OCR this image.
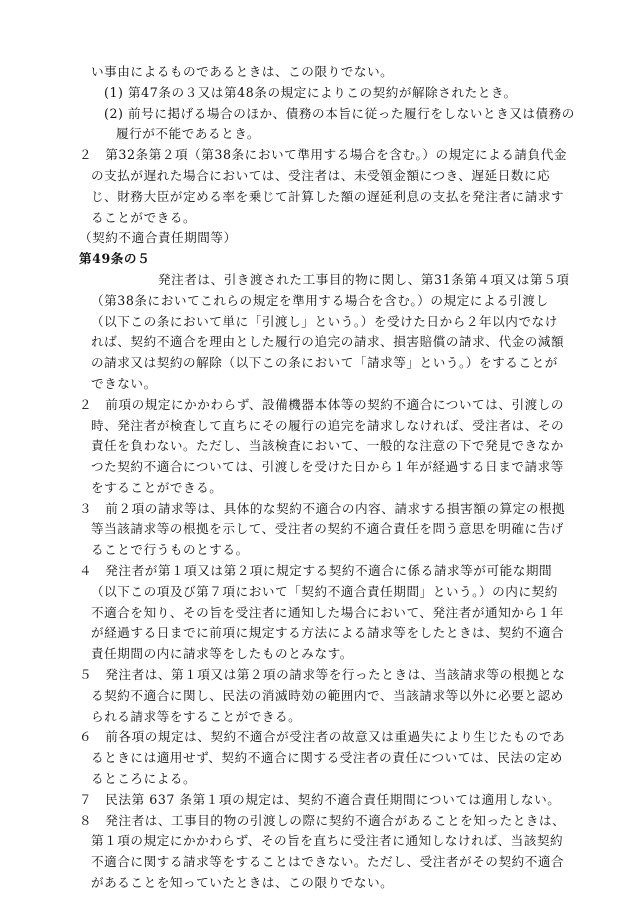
い事由によるものであるときは、この限りでない。
(1) 第47条の３又は第48条の規定によりこの契約が解除されたとき。
(2) 前号に掲げる場合のほか、債務の本旨に従った履行をしないとき又は債務の
履行が不能であるとき。
２　第32条第２項（第38条において準用する場合を含む。）の規定による請負代金
の支払が遅れた場合においては、受注者は、未受領金額につき、遅延日数に応
じ、財務大臣が定める率を乗じて計算した額の遅延利息の支払を発注者に請求す
ることができる。
（契約不適合責任期間等）
第49条の５
発注者は、引き渡された工事目的物に関し、第31条第４項又は第５項
（第38条においてこれらの規定を準用する場合を含む。）の規定による引渡し
（以下この条において単に「引渡し」という。）を受けた日から２年以内でなけ
れば、契約不適合を理由とした履行の追完の請求、損害賠償の請求、代金の減額
の請求又は契約の解除（以下この条において「請求等」という。）をすることが
できない。
２　前項の規定にかかわらず、設備機器本体等の契約不適合については、引渡しの
時、発注者が検査して直ちにその履行の追完を請求しなければ、受注者は、その
責任を負わない。ただし、当該検査において、一般的な注意の下で発見できなか
つた契約不適合については、引渡しを受けた日から１年が経過する日まで請求等
をすることができる。
３　前２項の請求等は、具体的な契約不適合の内容、請求する損害額の算定の根拠
等当該請求等の根拠を示して、受注者の契約不適合責任を問う意思を明確に告げ
ることで行うものとする。
４　発注者が第１項又は第２項に規定する契約不適合に係る請求等が可能な期間
（以下この項及び第７項において「契約不適合責任期間」という。）の内に契約
不適合を知り、その旨を受注者に通知した場合において、発注者が通知から１年
が経過する日までに前項に規定する方法による請求等をしたときは、契約不適合
責任期間の内に請求等をしたものとみなす。
５　発注者は、第１項又は第２項の請求等を行ったときは、当該請求等の根拠とな
る契約不適合に関し、民法の消滅時効の範囲内で、当該請求等以外に必要と認め
られる請求等をすることができる。
６　前各項の規定は、契約不適合が受注者の故意又は重過失により生じたものであ
るときには適用せず、契約不適合に関する受注者の責任については、民法の定め
るところによる。
７　民法第 637 条第１項の規定は、契約不適合責任期間については適用しない。
８　発注者は、工事目的物の引渡しの際に契約不適合があることを知ったときは、
第１項の規定にかかわらず、その旨を直ちに受注者に通知しなければ、当該契約
不適合に関する請求等をすることはできない。ただし、受注者がその契約不適合
があることを知っていたときは、この限りでない。
